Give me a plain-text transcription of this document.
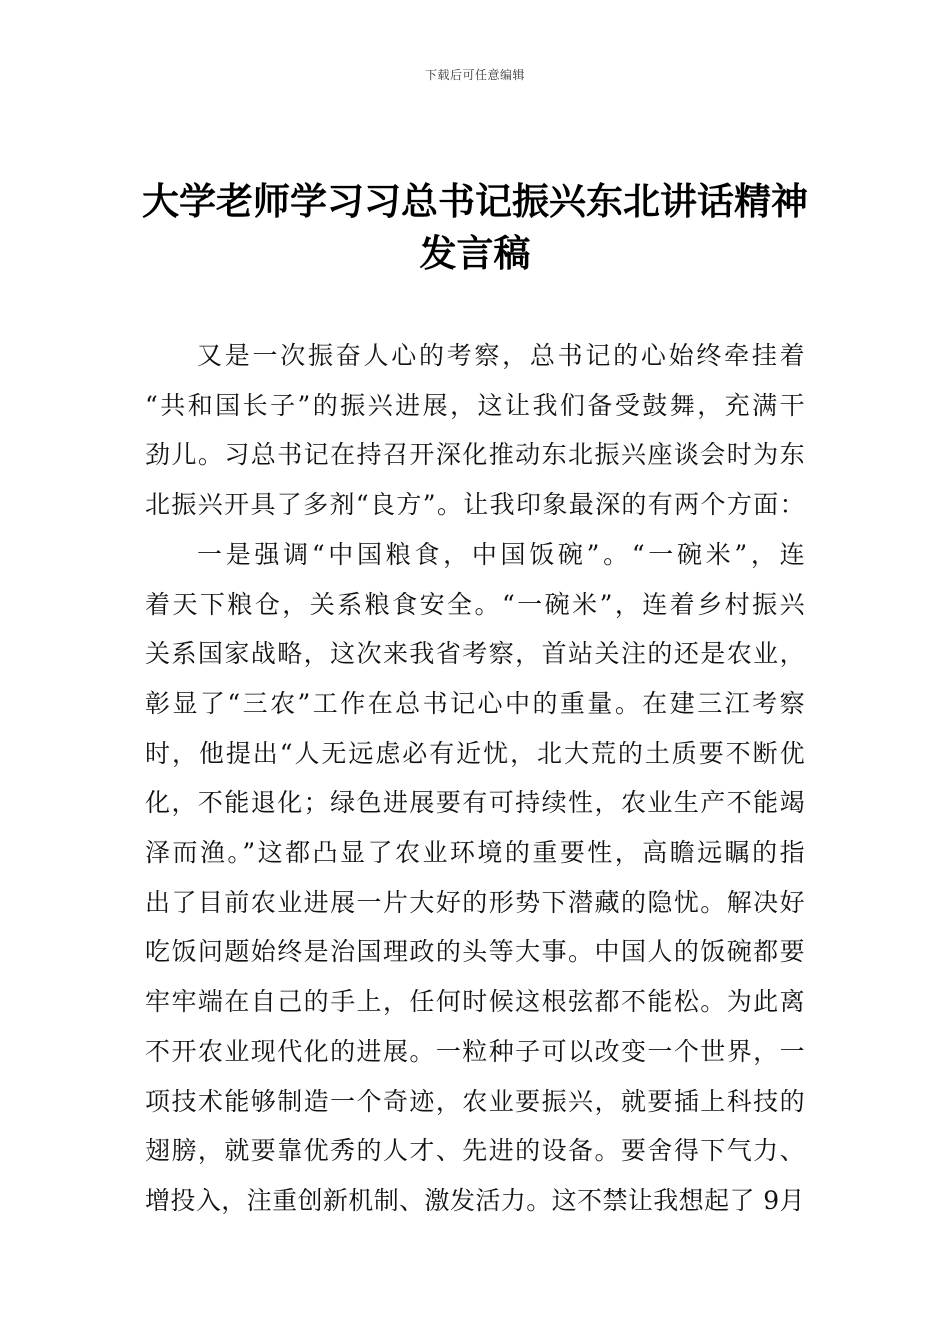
下载后可任意编辑
大学老师学习习总书记振兴东北讲话精神
发言稿
又是一次振奋人心的考察，总书记的心始终牵挂着
“共和国长子”的振兴进展，这让我们备受鼓舞，充满干
劲儿。习总书记在持召开深化推动东北振兴座谈会时为东
北振兴开具了多剂“良方”。让我印象最深的有两个方面：
一是强调“中国粮食，中国饭碗”。“一碗米”，连
着天下粮仓，关系粮食安全。“一碗米”，连着乡村振兴
关系国家战略，这次来我省考察，首站关注的还是农业，
彰显了“三农”工作在总书记心中的重量。在建三江考察
时，他提出“人无远虑必有近忧，北大荒的土质要不断优
化，不能退化；绿色进展要有可持续性，农业生产不能竭
泽而渔。”这都凸显了农业环境的重要性，高瞻远瞩的指
出了目前农业进展一片大好的形势下潜藏的隐忧。解决好
吃饭问题始终是治国理政的头等大事。中国人的饭碗都要
牢牢端在自己的手上，任何时候这根弦都不能松。为此离
不开农业现代化的进展。一粒种子可以改变一个世界，一
项技术能够制造一个奇迹，农业要振兴，就要插上科技的
翅膀，就要靠优秀的人才、先进的设备。要舍得下气力、
增投入，注重创新机制、激发活力。这不禁让我想起了 9月
